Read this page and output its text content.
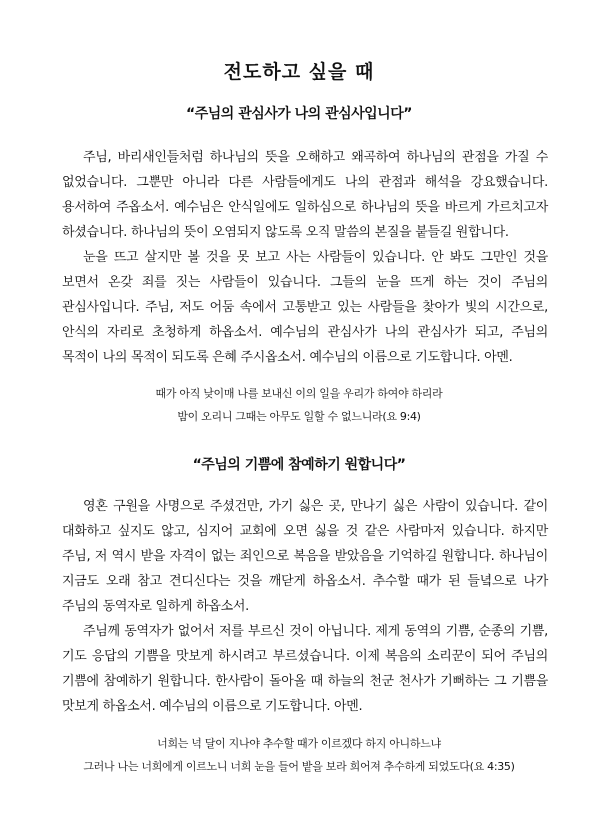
전도하고 싶을 때
“주님의 관심사가 나의 관심사입니다”

주님, 바리새인들처럼 하나님의 뜻을 오해하고 왜곡하여 하나님의 관점을 가질 수 없었습니다. 그뿐만 아니라 다른 사람들에게도 나의 관점과 해석을 강요했습니다. 용서하여 주옵소서. 예수님은 안식일에도 일하심으로 하나님의 뜻을 바르게 가르치고자 하셨습니다. 하나님의 뜻이 오염되지 않도록 오직 말씀의 본질을 붙들길 원합니다.

눈을 뜨고 살지만 볼 것을 못 보고 사는 사람들이 있습니다. 안 봐도 그만인 것을 보면서 온갖 죄를 짓는 사람들이 있습니다. 그들의 눈을 뜨게 하는 것이 주님의 관심사입니다. 주님, 저도 어둠 속에서 고통받고 있는 사람들을 찾아가 빛의 시간으로, 안식의 자리로 초청하게 하옵소서. 예수님의 관심사가 나의 관심사가 되고, 주님의 목적이 나의 목적이 되도록 은혜 주시옵소서. 예수님의 이름으로 기도합니다. 아멘.

때가 아직 낮이매 나를 보내신 이의 일을 우리가 하여야 하리라
밤이 오리니 그때는 아무도 일할 수 없느니라(요 9:4)
“주님의 기쁨에 참예하기 원합니다”

영혼 구원을 사명으로 주셨건만, 가기 싫은 곳, 만나기 싫은 사람이 있습니다. 같이 대화하고 싶지도 않고, 심지어 교회에 오면 싫을 것 같은 사람마저 있습니다. 하지만 주님, 저 역시 받을 자격이 없는 죄인으로 복음을 받았음을 기억하길 원합니다. 하나님이 지금도 오래 참고 견디신다는 것을 깨닫게 하옵소서. 추수할 때가 된 들녘으로 나가 주님의 동역자로 일하게 하옵소서.

주님께 동역자가 없어서 저를 부르신 것이 아닙니다. 제게 동역의 기쁨, 순종의 기쁨, 기도 응답의 기쁨을 맛보게 하시려고 부르셨습니다. 이제 복음의 소리꾼이 되어 주님의 기쁨에 참예하기 원합니다. 한사람이 돌아올 때 하늘의 천군 천사가 기뻐하는 그 기쁨을 맛보게 하옵소서. 예수님의 이름으로 기도합니다. 아멘.

너희는 넉 달이 지나야 추수할 때가 이르겠다 하지 아니하느냐
그러나 나는 너희에게 이르노니 너희 눈을 들어 밭을 보라 희어져 추수하게 되었도다(요 4:35)
